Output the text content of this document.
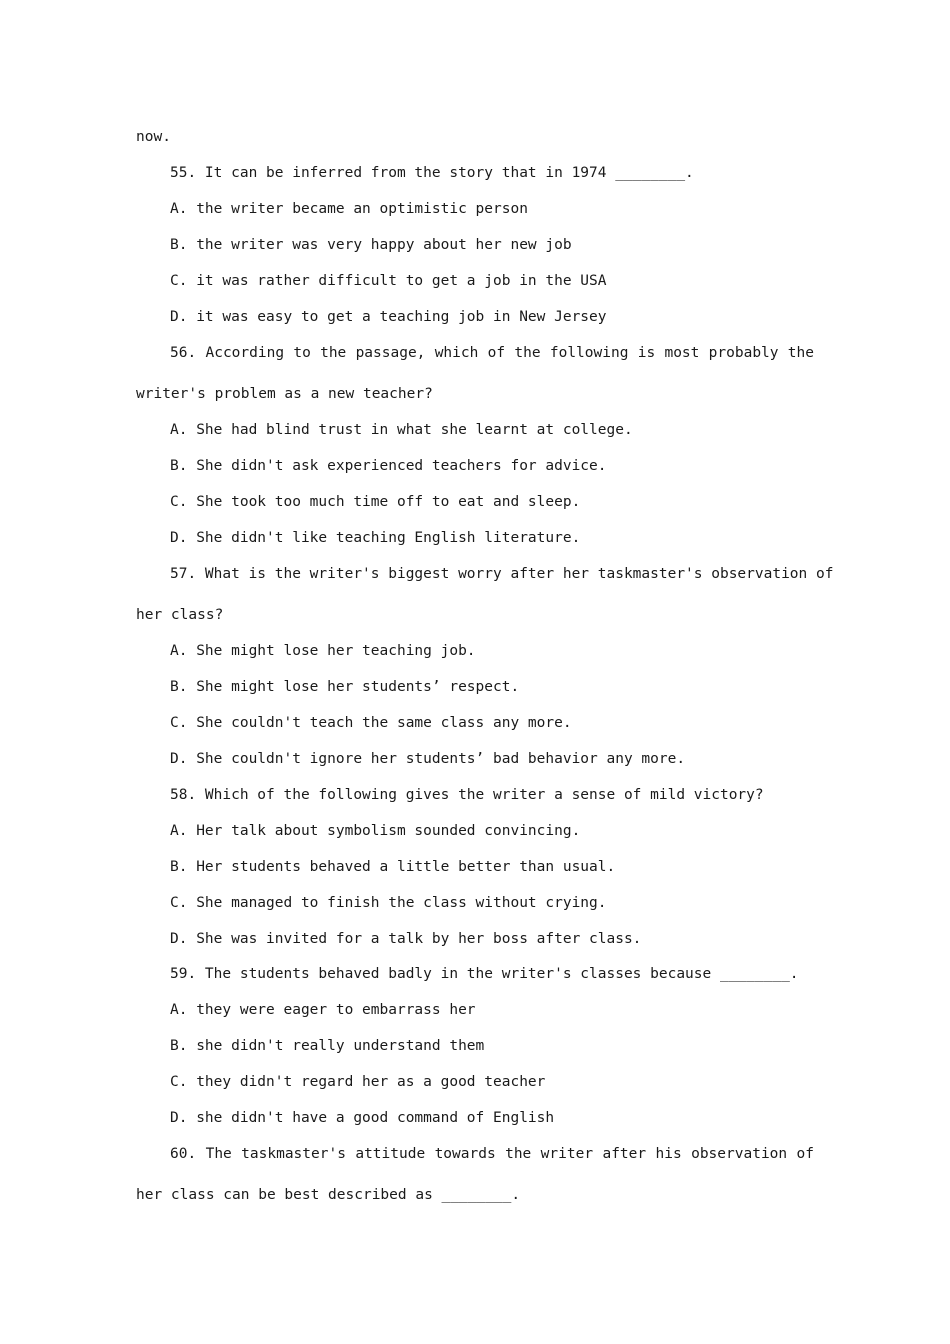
now.
55. It can be inferred from the story that in 1974 ________.
A. the writer became an optimistic person
B. the writer was very happy about her new job
C. it was rather difficult to get a job in the USA
D. it was easy to get a teaching job in New Jersey
56. According to the passage, which of the following is most probably the
writer's problem as a new teacher?
A. She had blind trust in what she learnt at college.
B. She didn't ask experienced teachers for advice.
C. She took too much time off to eat and sleep.
D. She didn't like teaching English literature.
57. What is the writer's biggest worry after her taskmaster's observation of
her class?
A. She might lose her teaching job.
B. She might lose her students’ respect.
C. She couldn't teach the same class any more.
D. She couldn't ignore her students’ bad behavior any more.
58. Which of the following gives the writer a sense of mild victory?
A. Her talk about symbolism sounded convincing.
B. Her students behaved a little better than usual.
C. She managed to finish the class without crying.
D. She was invited for a talk by her boss after class.
59. The students behaved badly in the writer's classes because ________.
A. they were eager to embarrass her
B. she didn't really understand them
C. they didn't regard her as a good teacher
D. she didn't have a good command of English
60. The taskmaster's attitude towards the writer after his observation of
her class can be best described as ________.
